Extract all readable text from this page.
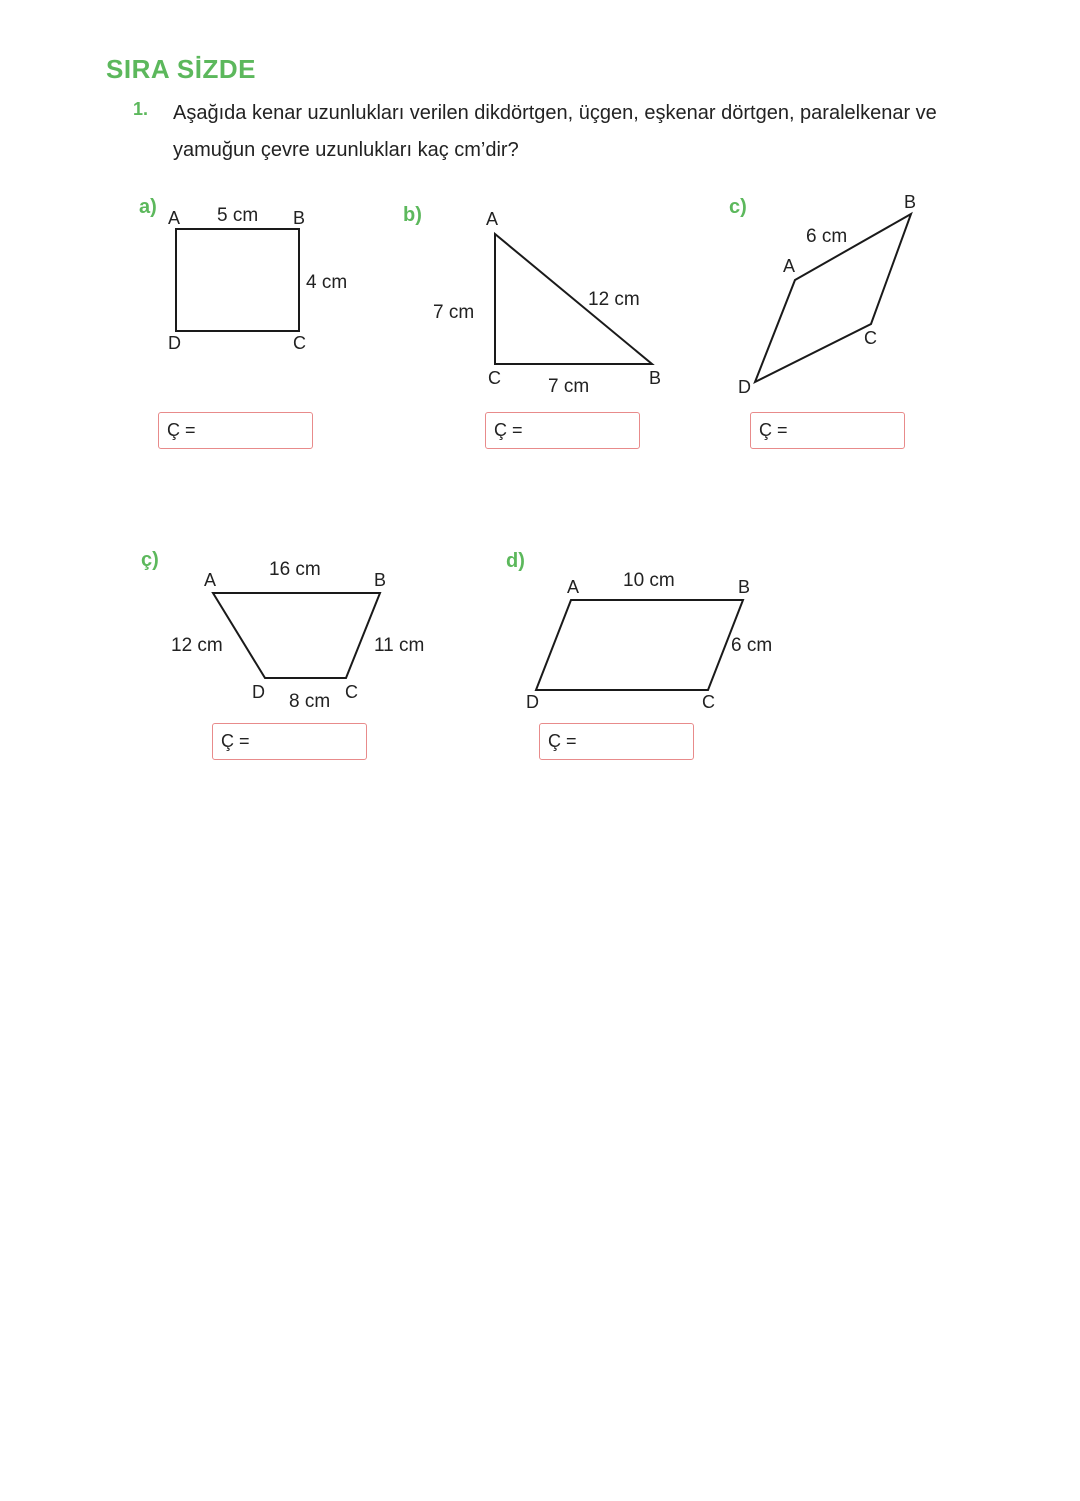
SIRA SİZDE
1. Aşağıda kenar uzunlukları verilen dikdörtgen, üçgen, eşkenar dörtgen, paralelkenar ve
yamuğun çevre uzunlukları kaç cm’dir?
a) A	B
D	C
5 cm
4 cm
b)	A
C	B
7 cm
12 cm
7 cm
c)
A
B
C
D
6 cm
ç)
A	B
C
D
16 cm
12 cm	11 cm
8 cm
d)
A	B
C
D
10 cm
6 cm
Ç =	Ç =	Ç =
Ç =	Ç =
